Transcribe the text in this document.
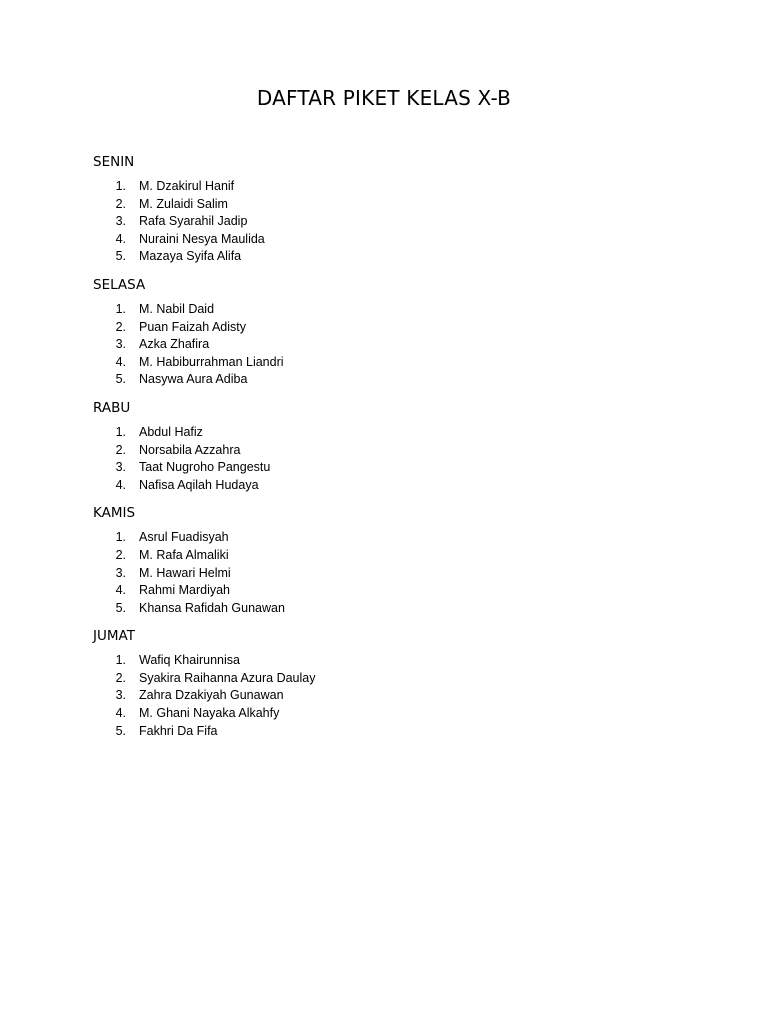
DAFTAR PIKET KELAS X-B
SENIN
1. M. Dzakirul Hanif
2. M. Zulaidi Salim
3. Rafa Syarahil Jadip
4. Nuraini Nesya Maulida
5. Mazaya Syifa Alifa
SELASA
1. M. Nabil Daid
2. Puan Faizah Adisty
3. Azka Zhafira
4. M. Habiburrahman Liandri
5. Nasywa Aura Adiba
RABU
1. Abdul Hafiz
2. Norsabila Azzahra
3. Taat Nugroho Pangestu
4. Nafisa Aqilah Hudaya
KAMIS
1. Asrul Fuadisyah
2. M. Rafa Almaliki
3. M. Hawari Helmi
4. Rahmi Mardiyah
5. Khansa Rafidah Gunawan
JUMAT
1. Wafiq Khairunnisa
2. Syakira Raihanna Azura Daulay
3. Zahra Dzakiyah Gunawan
4. M. Ghani Nayaka Alkahfy
5. Fakhri Da Fifa
